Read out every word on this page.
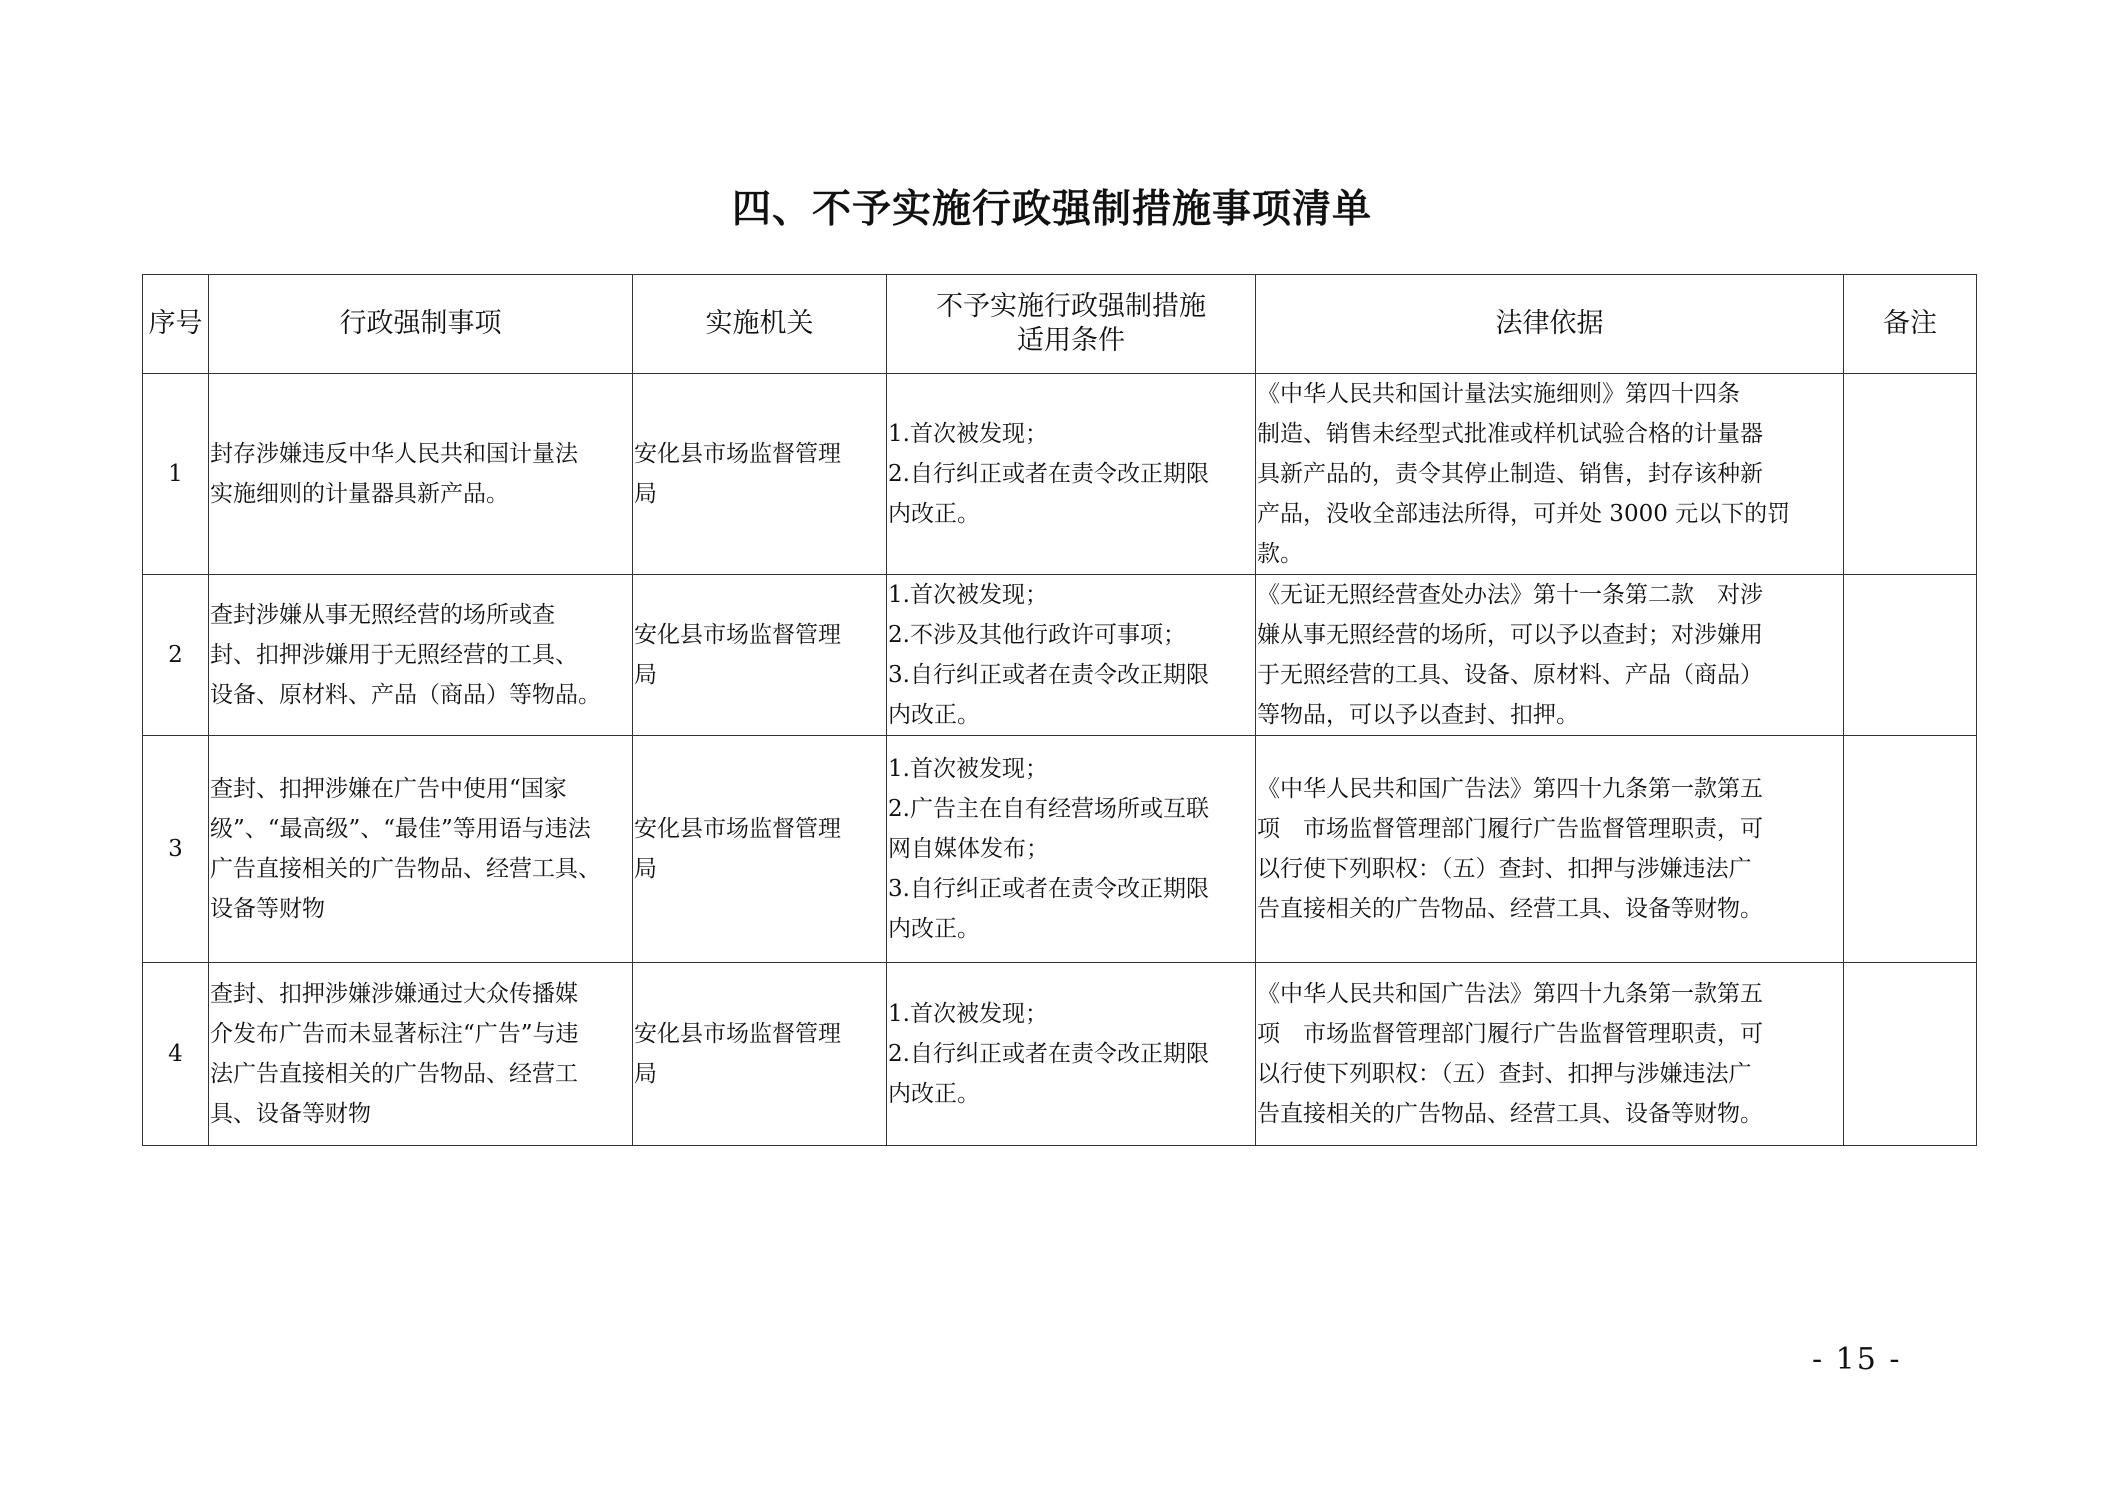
四、不予实施行政强制措施事项清单
序号	行政强制事项	实施机关	不予实施行政强制措施
适用条件	法律依据	备注
1	封存涉嫌违反中华人民共和国计量法
实施细则的计量器具新产品。	安化县市场监督管理
局	1.首次被发现；
2.自行纠正或者在责令改正期限
内改正。	《中华人民共和国计量法实施细则》第四十四条
制造、销售未经型式批准或样机试验合格的计量器
具新产品的，责令其停止制造、销售，封存该种新
产品，没收全部违法所得，可并处 3000 元以下的罚
款。	

2	查封涉嫌从事无照经营的场所或查
封、扣押涉嫌用于无照经营的工具、
设备、原材料、产品（商品）等物品。	安化县市场监督管理
局	1.首次被发现；
2.不涉及其他行政许可事项；
3.自行纠正或者在责令改正期限
内改正。	《无证无照经营查处办法》第十一条第二款　对涉
嫌从事无照经营的场所，可以予以查封；对涉嫌用
于无照经营的工具、设备、原材料、产品（商品）
等物品，可以予以查封、扣押。	

3	查封、扣押涉嫌在广告中使用“国家
级”、“最高级”、“最佳”等用语与违法
广告直接相关的广告物品、经营工具、
设备等财物	安化县市场监督管理
局	1.首次被发现；
2.广告主在自有经营场所或互联
网自媒体发布；
3.自行纠正或者在责令改正期限
内改正。	《中华人民共和国广告法》第四十九条第一款第五
项　市场监督管理部门履行广告监督管理职责，可
以行使下列职权：（五）查封、扣押与涉嫌违法广
告直接相关的广告物品、经营工具、设备等财物。	

4	查封、扣押涉嫌涉嫌通过大众传播媒
介发布广告而未显著标注“广告”与违
法广告直接相关的广告物品、经营工
具、设备等财物	安化县市场监督管理
局	1.首次被发现；
2.自行纠正或者在责令改正期限
内改正。	《中华人民共和国广告法》第四十九条第一款第五
项　市场监督管理部门履行广告监督管理职责，可
以行使下列职权：（五）查封、扣押与涉嫌违法广
告直接相关的广告物品、经营工具、设备等财物。	

- 15 -
